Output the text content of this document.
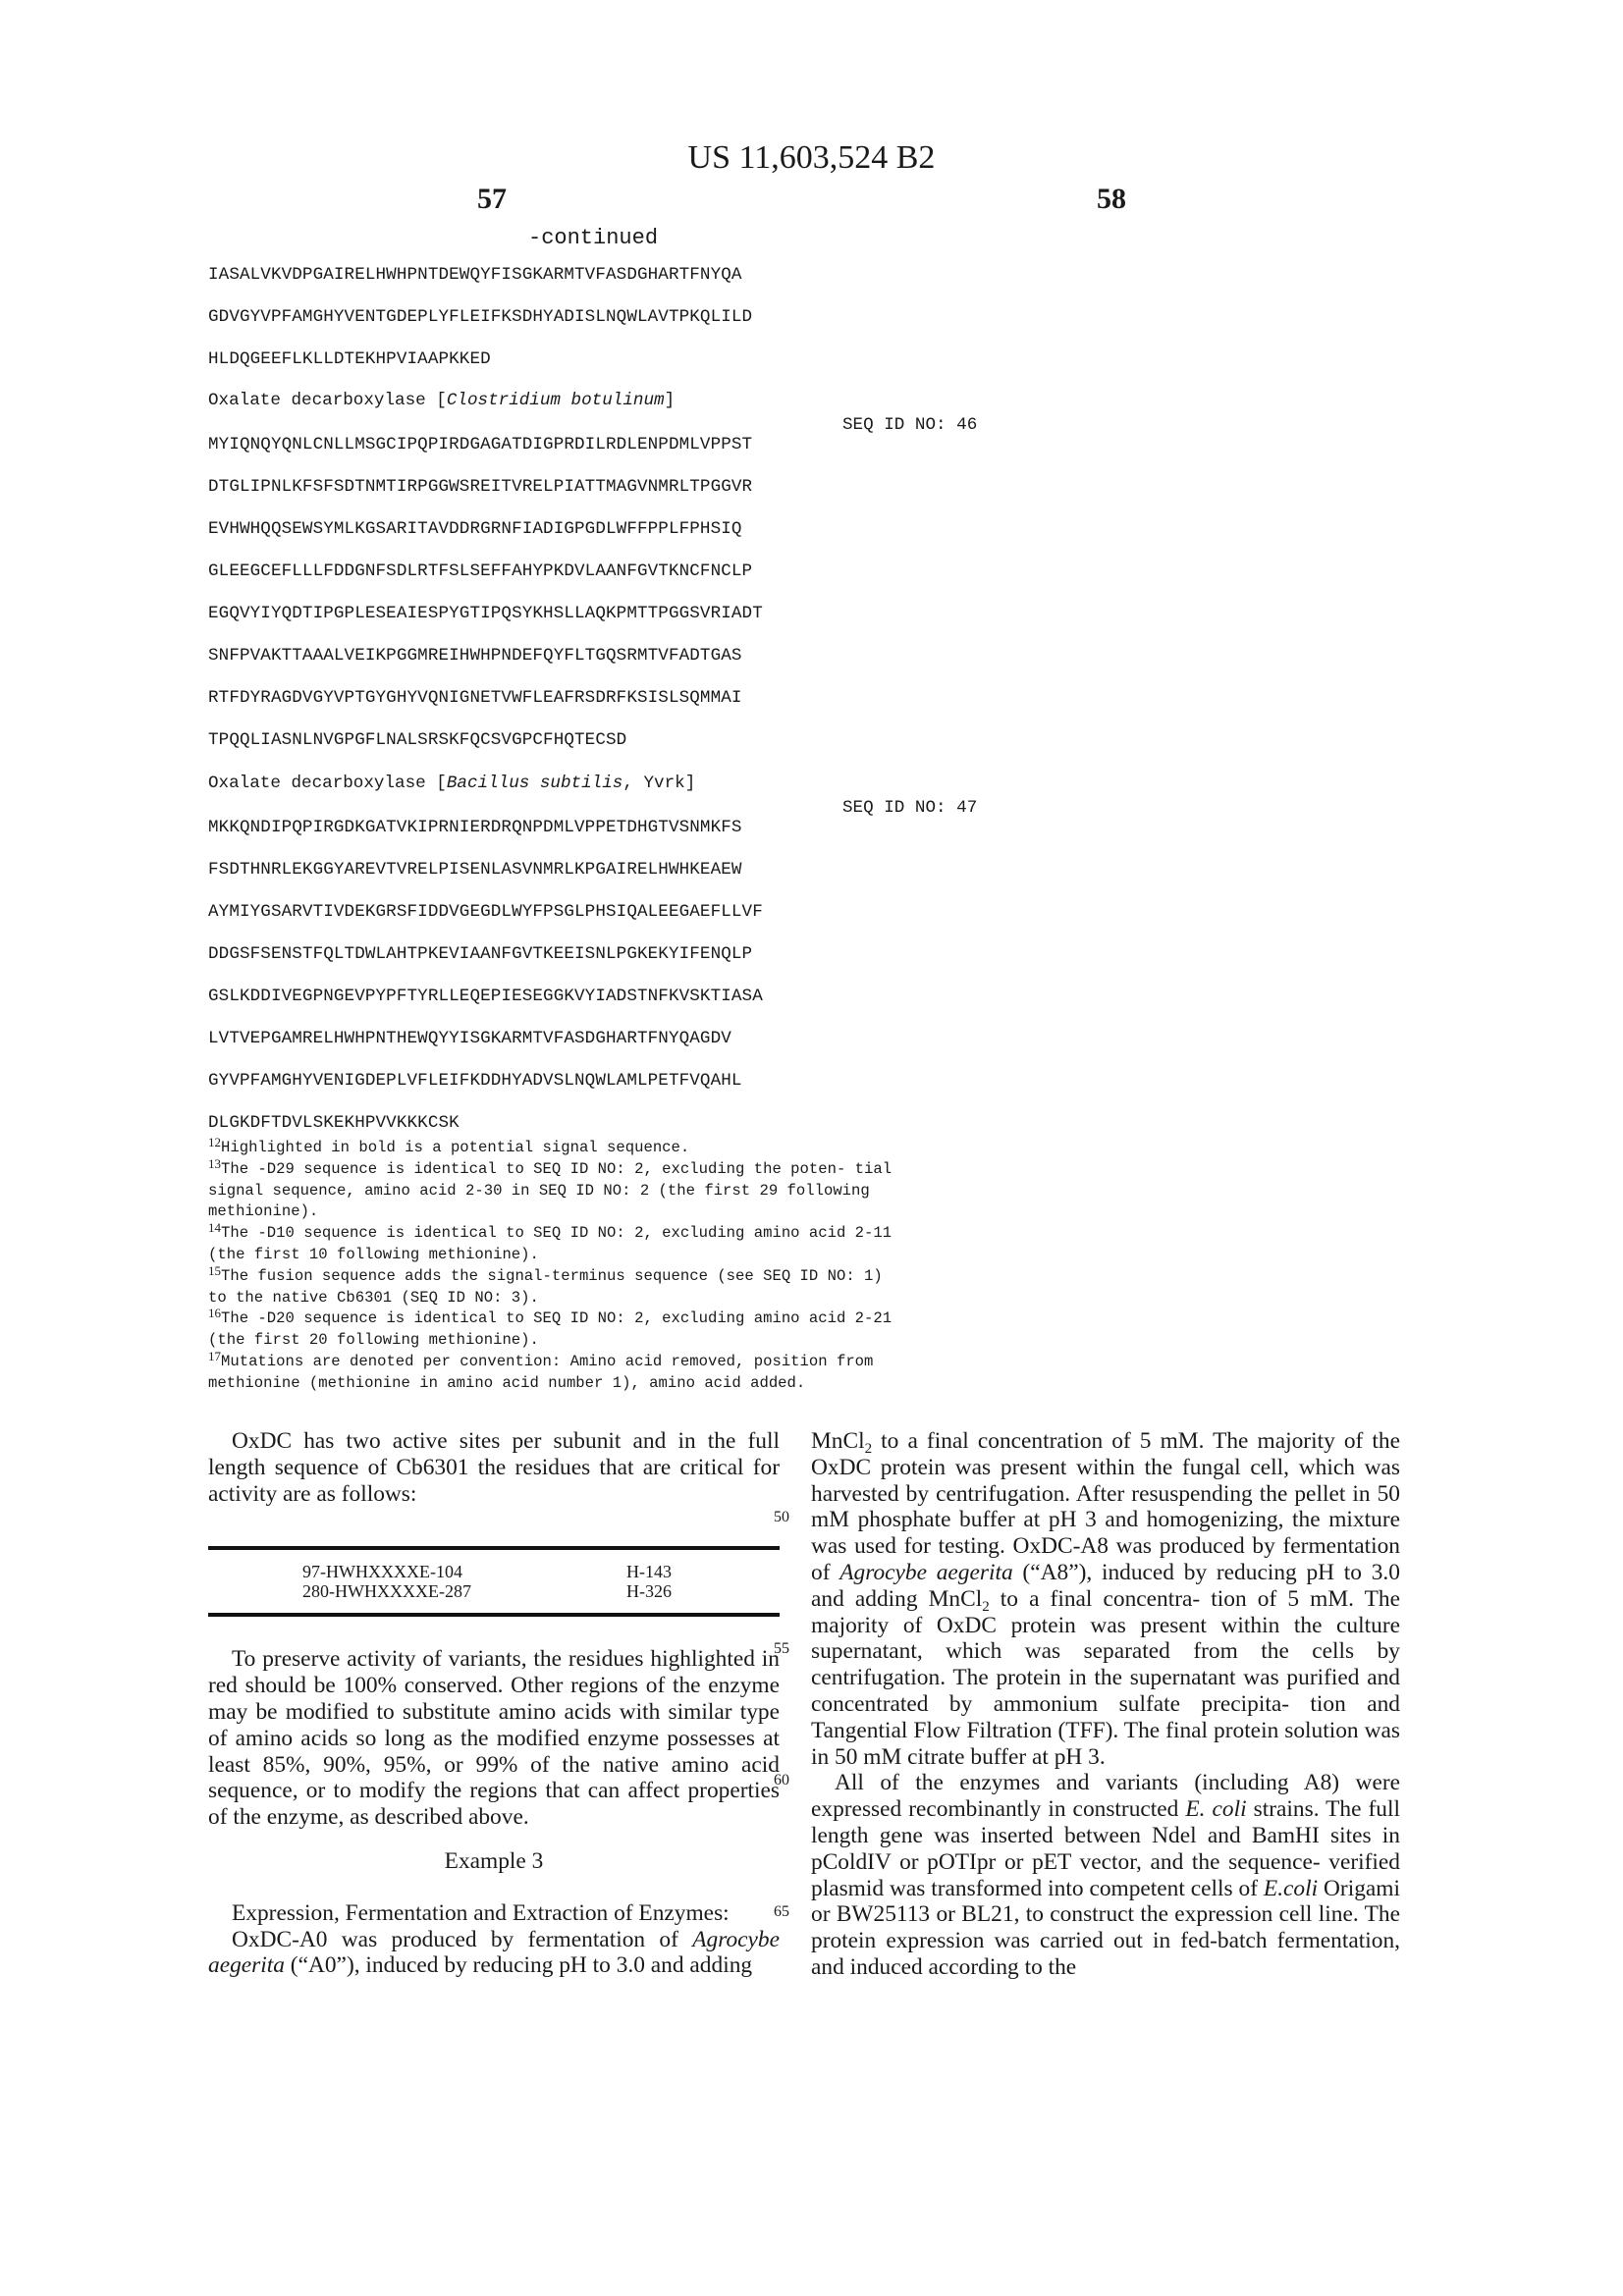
US 11,603,524 B2
57	58
-continued
IASALVKVDPGAIRELHWHPNTDEWQYFISGKARMTVFASDGHARTFNYQA
GDVGYVPFAMGHYVENTGDEPLYFLEIFKSDHYADISLNQWLAVTPKQLILD
HLDQGEEFLKLLDTEKHPVIAAPKKED
Oxalate decarboxylase [Clostridium botulinum]
SEQ ID NO: 46
MYIQNQYQNLCNLLMSGCIPQPIRDGAGATDIGPRDILRDLENPDMLVPPST
DTGLIPNLKFSFSDTNMTIRPGGWSREITVRELPIATTMAGVNMRLTPGGVR
EVHWHQQSEWSYMLKGSARITAVDDRGRNFIADIGPGDLWFFPPLFPHSIQ
GLEEGCEFLLLFDDGNFSDLRTFSLSEFFAHYPKDVLAANFGVTKNCFNCLP
EGQVYIYQDTIPGPLESEAIESPYGTIPQSYKHSLLAQKPMTTPGGSVRIADT
SNFPVAKTTAAALVEIKPGGMREIHWHPNDEFQYFLTGQSRMTVFADTGAS
RTFDYRAGDVGYVPTGYGHYVQNIGNETVWFLEAFRSDRFKSISLSQMMAI
TPQQLIASNLNVGPGFLNALSRSKFQCSVGPCFHQTECSD
Oxalate decarboxylase [Bacillus subtilis, Yvrk]
SEQ ID NO: 47
MKKQNDIPQPIRGDKGATVKIPRNIERDRQNPDMLVPPETDHGTVSNMKFS
FSDTHNRLEKGGYAREVTVRELPISENLASVNMRLKPGAIRELHWHKEAEW
AYMIYGSARVTIVDEKGRSFIDDVGEGDLWYFPSGLPHSIQALEEGAEFLLVF
DDGSFSENSTFQLTDWLAHTPKEVIAANFGVTKEEISNLPGKEKYIFENQLP
GSLKDDIVEGPNGEVPYPFTYRLLEQEPIESEGGKVYIADSTNFKVSKTIASA
LVTVEPGAMRELHWHPNTHEWQYYISGKARMTVFASDGHARTFNYQAGDV
GYVPFAMGHYVENIGDEPLVFLEIFKDDHYADVSLNQWLAMLPETFVQAHL
DLGKDFTDVLSKEKHPVVKKKCSK

$^{12}$Highlighted in bold is a potential signal sequence.

$^{13}$The -D29 sequence is identical to SEQ ID NO: 2, excluding the poten- tial signal sequence, amino acid 2-30 in SEQ ID NO: 2 (the first 29 following methionine).

$^{14}$The -D10 sequence is identical to SEQ ID NO: 2, excluding amino acid 2-11 (the first 10 following methionine).

$^{15}$The fusion sequence adds the signal-terminus sequence (see SEQ ID NO: 1) to the native Cb6301 (SEQ ID NO: 3).

$^{16}$The -D20 sequence is identical to SEQ ID NO: 2, excluding amino acid 2-21 (the first 20 following methionine).

$^{17}$Mutations are denoted per convention: Amino acid removed, position from methionine (methionine in amino acid number 1), amino acid added.

OxDC has two active sites per subunit and in the full length sequence of Cb6301 the residues that are critical for activity are as follows:

97-HWHXXXXE-104	H-143
280-HWHXXXXE-287	H-326

To preserve activity of variants, the residues highlighted in red should be 100% conserved. Other regions of the enzyme may be modified to substitute amino acids with similar type of amino acids so long as the modified enzyme possesses at least 85%, 90%, 95%, or 99% of the native amino acid sequence, or to modify the regions that can affect properties of the enzyme, as described above.

Example 3

Expression, Fermentation and Extraction of Enzymes:

OxDC-A0 was produced by fermentation of Agrocybe aegerita (“A0”), induced by reducing pH to 3.0 and adding

50
55
60
65

MnCl$_2$ to a final concentration of 5 mM. The majority of the OxDC protein was present within the fungal cell, which was harvested by centrifugation. After resuspending the pellet in 50 mM phosphate buffer at pH 3 and homogenizing, the mixture was used for testing. OxDC-A8 was produced by fermentation of Agrocybe aegerita (“A8”), induced by reducing pH to 3.0 and adding MnCl$_2$ to a final concentra- tion of 5 mM. The majority of OxDC protein was present within the culture supernatant, which was separated from the cells by centrifugation. The protein in the supernatant was purified and concentrated by ammonium sulfate precipita- tion and Tangential Flow Filtration (TFF). The final protein solution was in 50 mM citrate buffer at pH 3.

All of the enzymes and variants (including A8) were expressed recombinantly in constructed E. coli strains. The full length gene was inserted between Ndel and BamHI sites in pColdIV or pOTIpr or pET vector, and the sequence- verified plasmid was transformed into competent cells of E.coli Origami or BW25113 or BL21, to construct the expression cell line. The protein expression was carried out in fed-batch fermentation, and induced according to the
